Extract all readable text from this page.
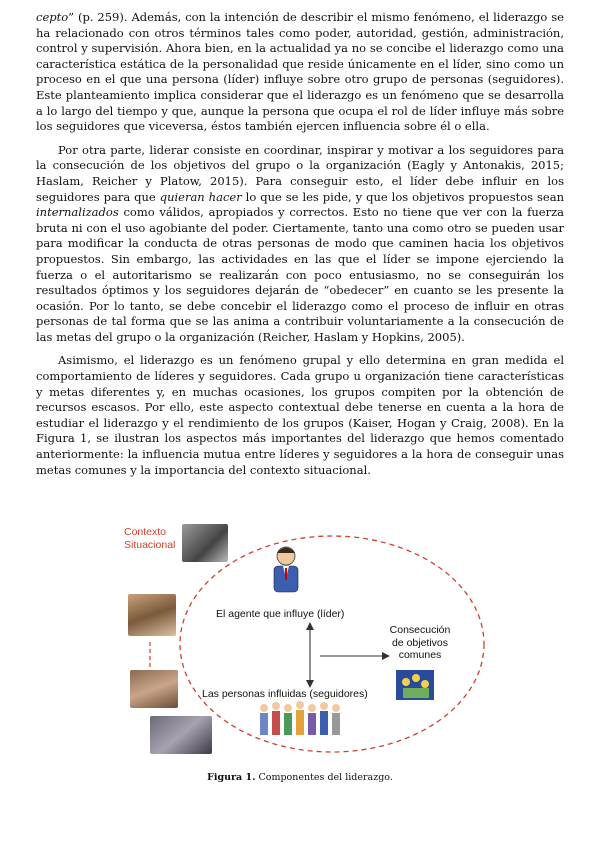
cepto” (p. 259). Además, con la intención de describir el mismo fenómeno, el liderazgo se ha relacionado con otros términos tales como poder, autoridad, gestión, administración, control y supervisión. Ahora bien, en la actualidad ya no se concibe el liderazgo como una característica estática de la personalidad que reside únicamente en el líder, sino como un proceso en el que una persona (líder) influye sobre otro grupo de personas (seguidores). Este planteamiento implica considerar que el liderazgo es un fenómeno que se desarrolla a lo largo del tiempo y que, aunque la persona que ocupa el rol de líder influye más sobre los seguidores que viceversa, éstos también ejercen influencia sobre él o ella.

Por otra parte, liderar consiste en coordinar, inspirar y motivar a los seguidores para la consecución de los objetivos del grupo o la organización (Eagly y Antonakis, 2015; Haslam, Reicher y Platow, 2015). Para conseguir esto, el líder debe influir en los seguidores para que quieran hacer lo que se les pide, y que los objetivos propuestos sean internalizados como válidos, apropiados y correctos. Esto no tiene que ver con la fuerza bruta ni con el uso agobiante del poder. Ciertamente, tanto una como otro se pueden usar para modificar la conducta de otras personas de modo que caminen hacia los objetivos propuestos. Sin embargo, las actividades en las que el líder se impone ejerciendo la fuerza o el autoritarismo se realizarán con poco entusiasmo, no se conseguirán los resultados óptimos y los seguidores dejarán de “obedecer” en cuanto se les presente la ocasión. Por lo tanto, se debe concebir el liderazgo como el proceso de influir en otras personas de tal forma que se las anima a contribuir voluntariamente a la consecución de las metas del grupo o la organización (Reicher, Haslam y Hopkins, 2005).

Asimismo, el liderazgo es un fenómeno grupal y ello determina en gran medida el comportamiento de líderes y seguidores. Cada grupo u organización tiene características y metas diferentes y, en muchas ocasiones, los grupos compiten por la obtención de recursos escasos. Por ello, este aspecto contextual debe tenerse en cuenta a la hora de estudiar el liderazgo y el rendimiento de los grupos (Kaiser, Hogan y Craig, 2008). En la Figura 1, se ilustran los aspectos más importantes del liderazgo que hemos comentado anteriormente: la influencia mutua entre líderes y seguidores a la hora de conseguir unas metas comunes y la importancia del contexto situacional.

Contexto
Situacional
El agente que influye (líder)
Las personas influidas (seguidores)
Consecución
de objetivos
comunes
Figura 1. Componentes del liderazgo.
